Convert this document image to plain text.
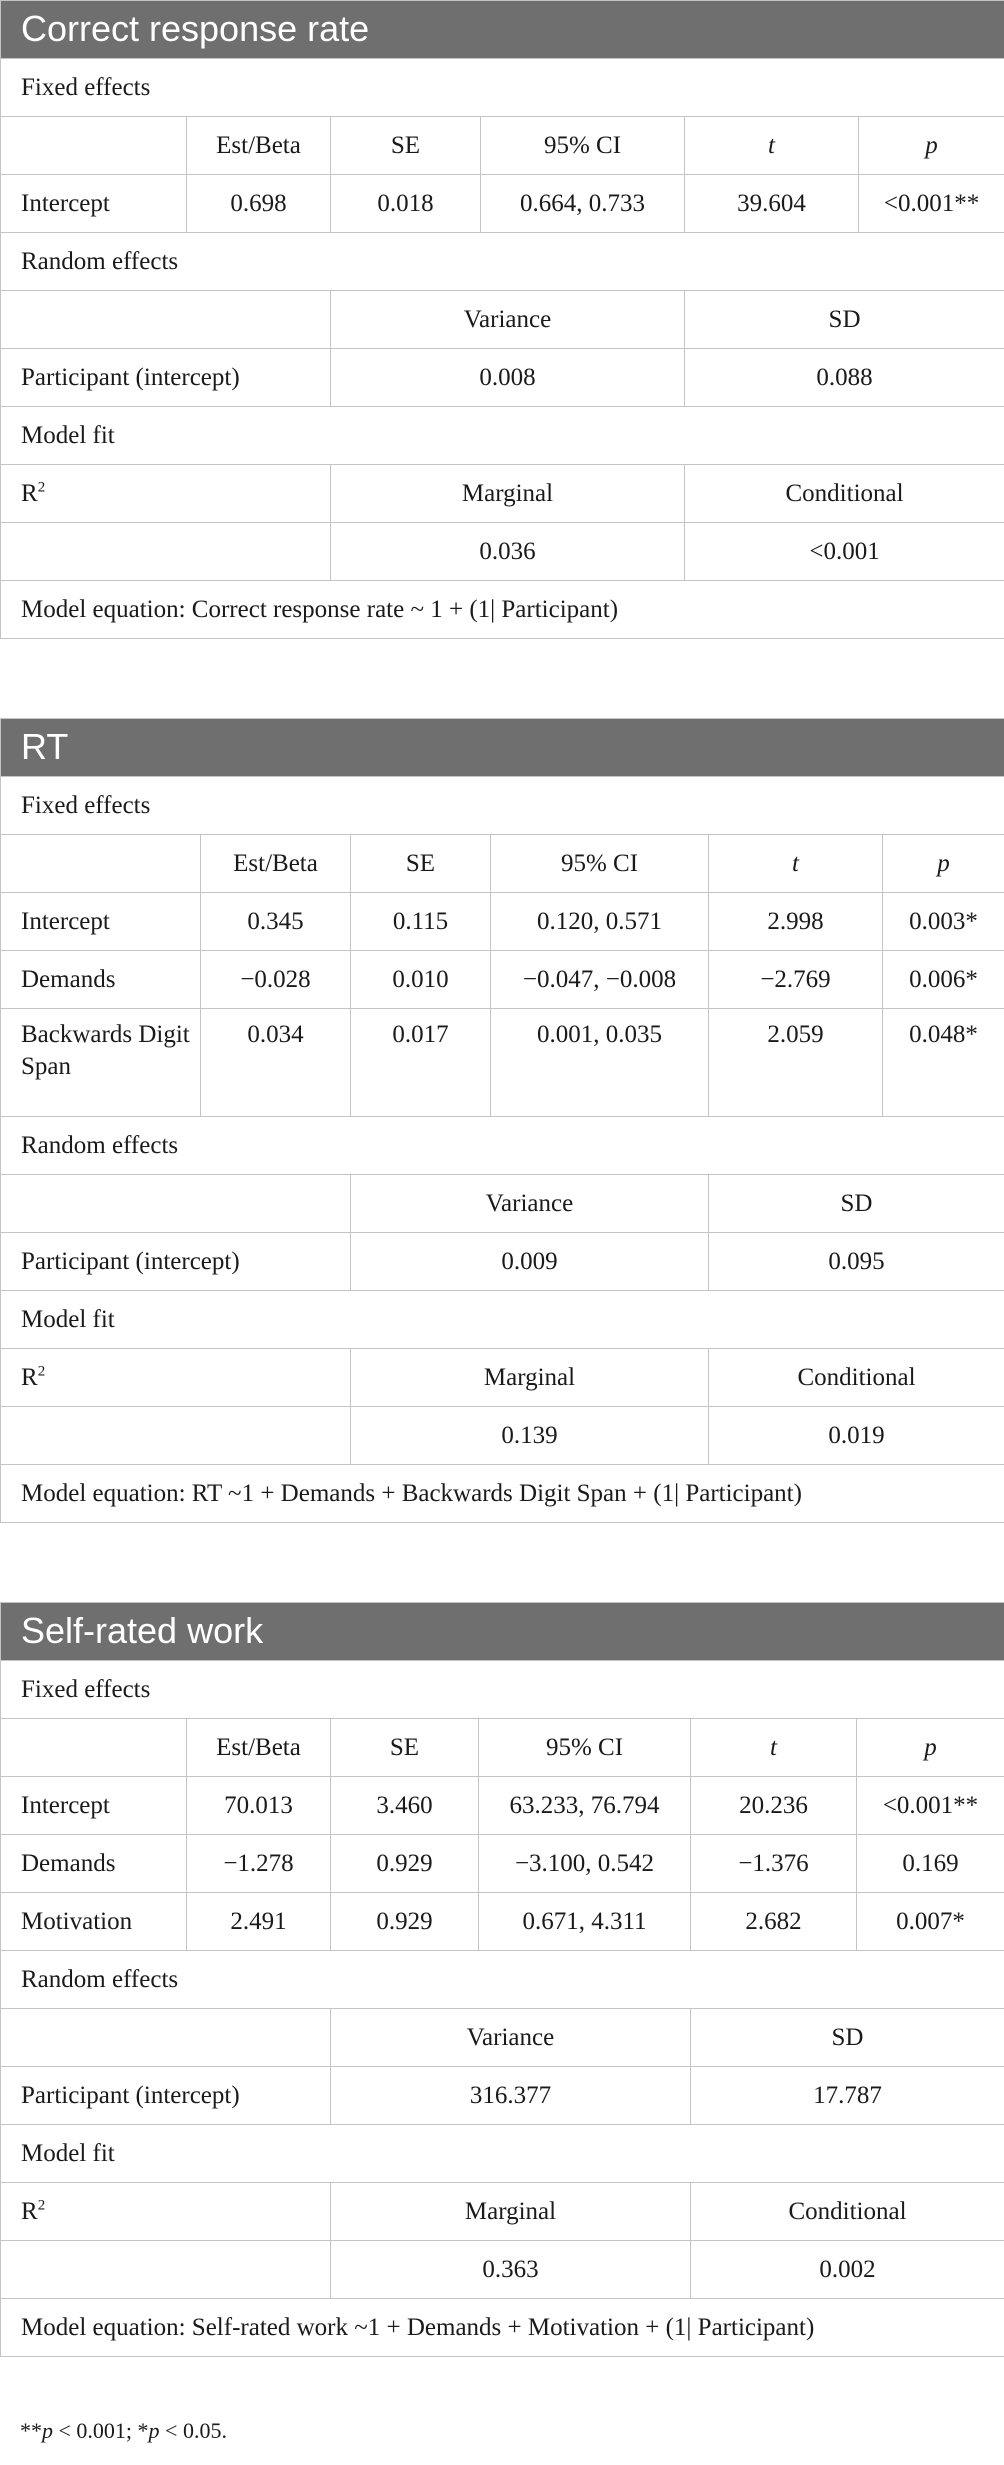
Correct response rate					
Fixed effects					
	Est/Beta	SE	95% CI	t	p
Intercept	0.698	0.018	0.664, 0.733	39.604	<0.001**
Random effects					
		Variance		SD	
Participant (intercept)		0.008		0.088	
Model fit					
$R^2$		Marginal		Conditional	
		0.036		<0.001	
Model equation: Correct response rate ~ 1 + (1| Participant)					
RT					
Fixed effects					
	Est/Beta	SE	95% CI	t	p
Intercept	0.345	0.115	0.120, 0.571	2.998	0.003*
Demands	−0.028	0.010	−0.047, −0.008	−2.769	0.006*
Backwards Digit Span	0.034	0.017	0.001, 0.035	2.059	0.048*
Random effects					
		Variance		SD	
Participant (intercept)		0.009		0.095	
Model fit					
$R^2$		Marginal		Conditional	
		0.139		0.019	
Model equation: RT ~1 + Demands + Backwards Digit Span + (1| Participant)					
Self-rated work					
Fixed effects					
	Est/Beta	SE	95% CI	t	p
Intercept	70.013	3.460	63.233, 76.794	20.236	<0.001**
Demands	−1.278	0.929	−3.100, 0.542	−1.376	0.169
Motivation	2.491	0.929	0.671, 4.311	2.682	0.007*
Random effects					
		Variance		SD	
Participant (intercept)		316.377		17.787	
Model fit					
$R^2$		Marginal		Conditional	
		0.363		0.002	
Model equation: Self-rated work ~1 + Demands + Motivation + (1| Participant)					
**p < 0.001; *p < 0.05.
